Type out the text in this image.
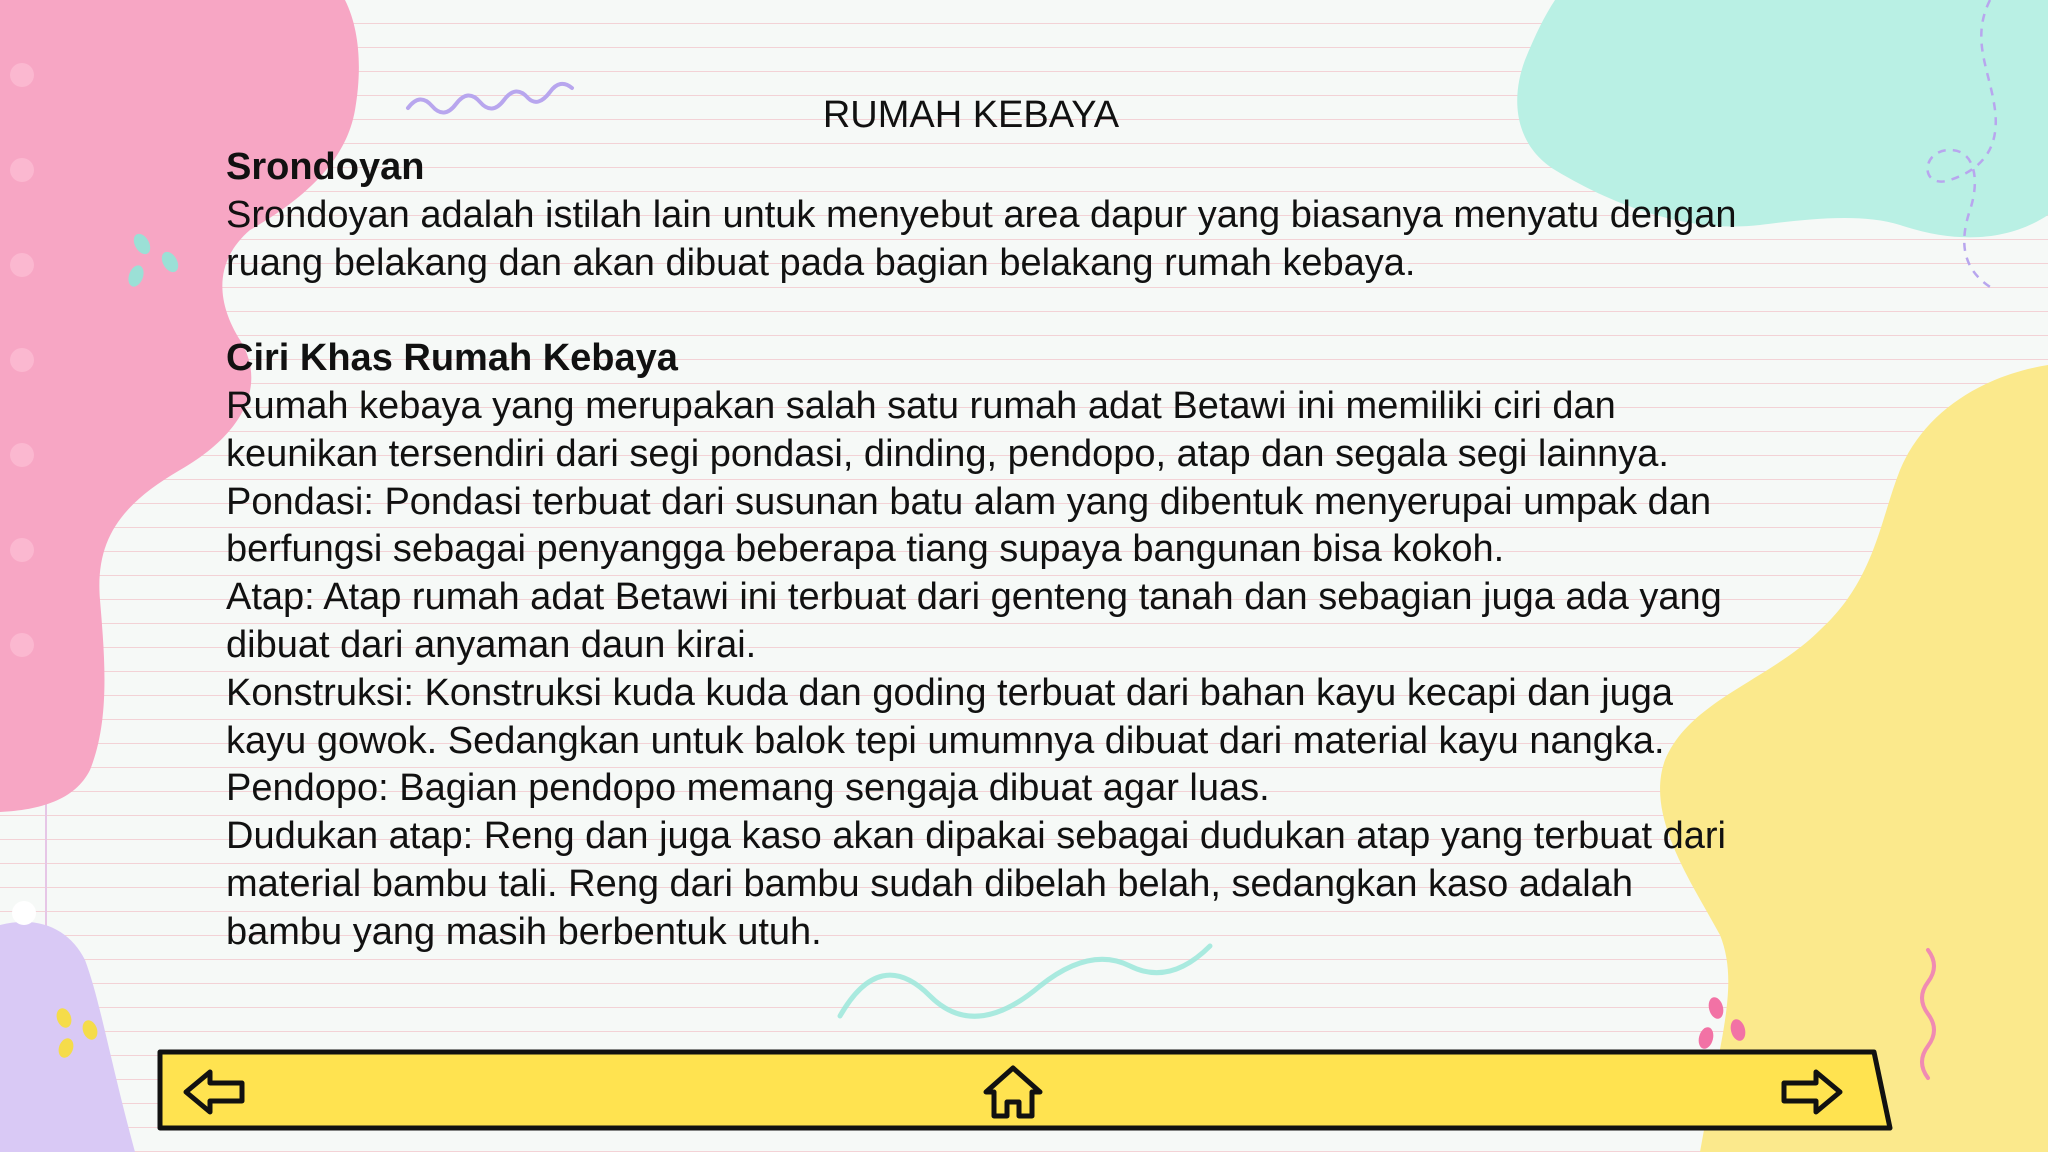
RUMAH KEBAYA
Srondoyan

Srondoyan adalah istilah lain untuk menyebut area dapur yang biasanya menyatu dengan ruang belakang dan akan dibuat pada bagian belakang rumah kebaya.

Ciri Khas Rumah Kebaya

Rumah kebaya yang merupakan salah satu rumah adat Betawi ini memiliki ciri dan keunikan tersendiri dari segi pondasi, dinding, pendopo, atap dan segala segi lainnya.

Pondasi: Pondasi terbuat dari susunan batu alam yang dibentuk menyerupai umpak dan berfungsi sebagai penyangga beberapa tiang supaya bangunan bisa kokoh.

Atap: Atap rumah adat Betawi ini terbuat dari genteng tanah dan sebagian juga ada yang dibuat dari anyaman daun kirai.

Konstruksi: Konstruksi kuda kuda dan goding terbuat dari bahan kayu kecapi dan juga kayu gowok. Sedangkan untuk balok tepi umumnya dibuat dari material kayu nangka.

Pendopo: Bagian pendopo memang sengaja dibuat agar luas.

Dudukan atap: Reng dan juga kaso akan dipakai sebagai dudukan atap yang terbuat dari material bambu tali. Reng dari bambu sudah dibelah belah, sedangkan kaso adalah bambu yang masih berbentuk utuh.
